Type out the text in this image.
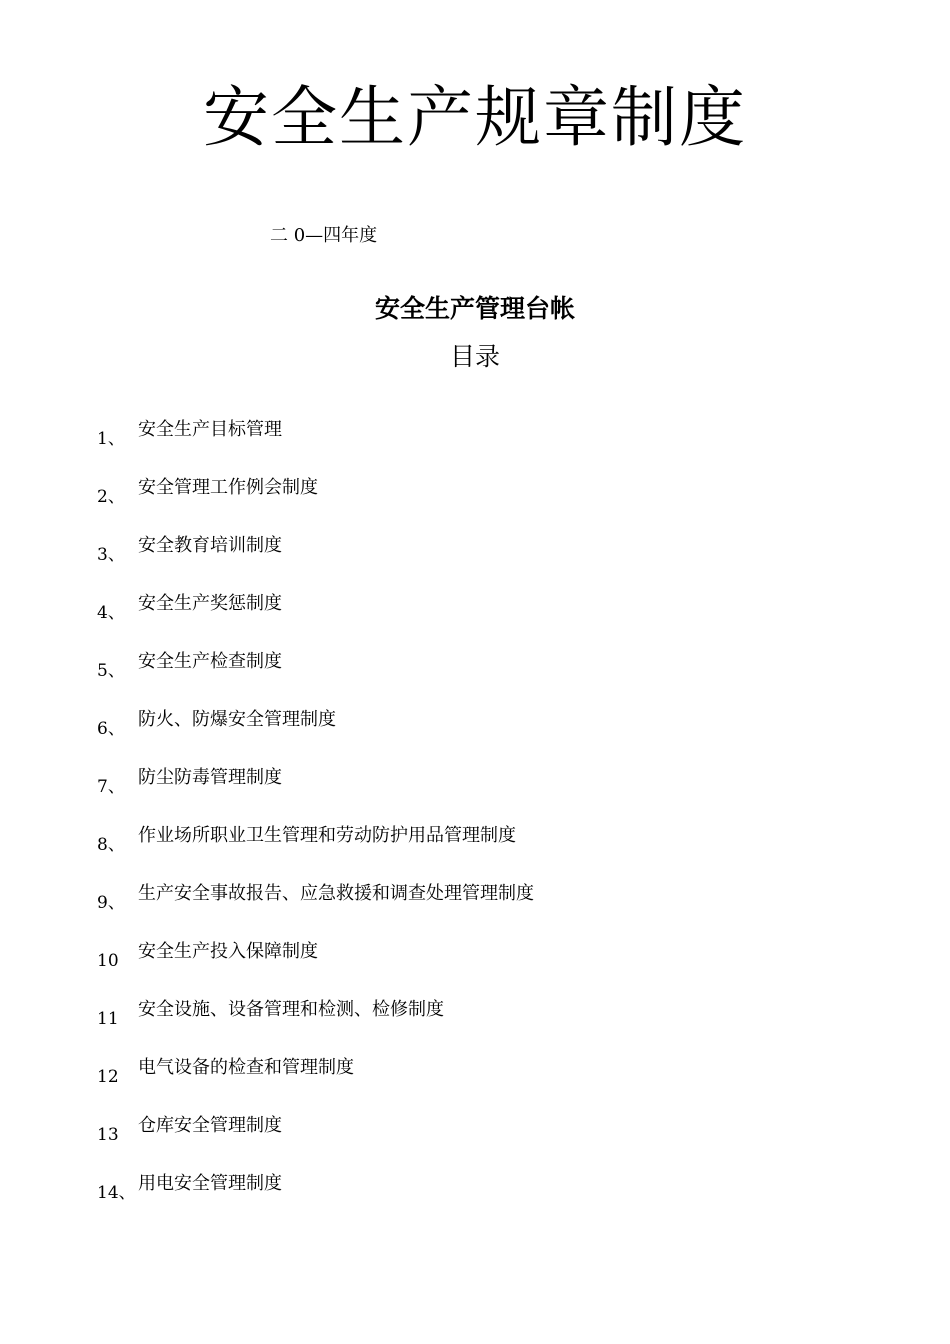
安全生产规章制度
二 0—四年度
安全生产管理台帐
目录
1、 安全生产目标管理
2、 安全管理工作例会制度
3、 安全教育培训制度
4、 安全生产奖惩制度
5、 安全生产检查制度
6、 防火、防爆安全管理制度
7、 防尘防毒管理制度
8、 作业场所职业卫生管理和劳动防护用品管理制度
9、 生产安全事故报告、应急救援和调查处理管理制度
10 安全生产投入保障制度
11 安全设施、设备管理和检测、检修制度
12 电气设备的检查和管理制度
13 仓库安全管理制度
14、 用电安全管理制度
